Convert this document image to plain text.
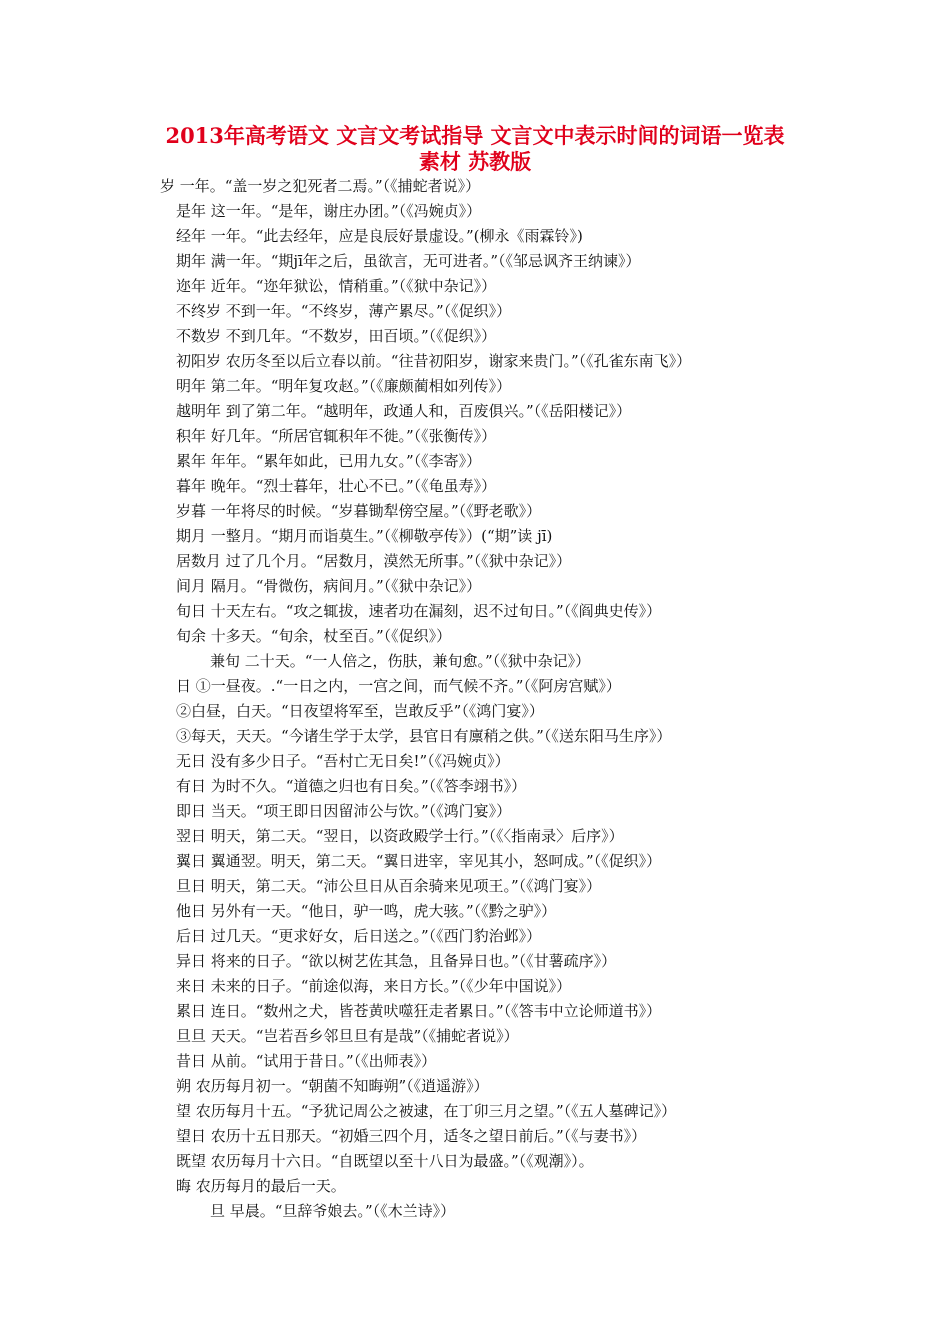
2013年高考语文 文言文考试指导 文言文中表示时间的词语一览表
素材 苏教版
岁 一年。“盖一岁之犯死者二焉。”（《捕蛇者说》）
是年 这一年。“是年，谢庄办团。”（《冯婉贞》）
经年 一年。“此去经年，应是良辰好景虚设。”(柳永《雨霖铃》)
期年 满一年。“期jī年之后，虽欲言，无可进者。”（《邹忌讽齐王纳谏》）
迩年 近年。“迩年狱讼，情稍重。”（《狱中杂记》）
不终岁 不到一年。“不终岁，薄产累尽。”（《促织》）
不数岁 不到几年。“不数岁，田百顷。”（《促织》）
初阳岁 农历冬至以后立春以前。“往昔初阳岁，谢家来贵门。”（《孔雀东南飞》）
明年 第二年。“明年复攻赵。”（《廉颇蔺相如列传》）
越明年 到了第二年。“越明年，政通人和，百废俱兴。”（《岳阳楼记》）
积年 好几年。“所居官辄积年不徙。”（《张衡传》）
累年 年年。“累年如此，已用九女。”（《李寄》）
暮年 晚年。“烈士暮年，壮心不已。”（《龟虽寿》）
岁暮 一年将尽的时候。“岁暮锄犁傍空屋。”（《野老歌》）
期月 一整月。“期月而诣莫生。”（《柳敬亭传》）(“期”读 jī)
居数月 过了几个月。“居数月，漠然无所事。”（《狱中杂记》）
间月 隔月。“骨微伤，病间月。”（《狱中杂记》）
旬日 十天左右。“攻之辄拔，速者功在漏刻，迟不过旬日。”（《阎典史传》）
旬余 十多天。“旬余，杖至百。”（《促织》）
兼旬 二十天。“一人倍之，伤肤，兼旬愈。”（《狱中杂记》）
日 ①一昼夜。.“一日之内，一宫之间，而气候不齐。”（《阿房宫赋》）
②白昼，白天。“日夜望将军至，岂敢反乎”（《鸿门宴》）
③每天，天天。“今诸生学于太学，县官日有廪稍之供。”（《送东阳马生序》）
无日 没有多少日子。“吾村亡无日矣!”（《冯婉贞》）
有日 为时不久。“道德之归也有日矣。”（《答李翊书》）
即日 当天。“项王即日因留沛公与饮。”（《鸿门宴》）
翌日 明天，第二天。“翌日，以资政殿学士行。”（《〈指南录〉后序》）
翼日 翼通翌。明天，第二天。“翼日进宰，宰见其小，怒呵成。”（《促织》）
旦日 明天，第二天。“沛公旦日从百余骑来见项王。”（《鸿门宴》）
他日 另外有一天。“他日，驴一鸣，虎大骇。”（《黔之驴》）
后日 过几天。“更求好女，后日送之。”（《西门豹治邺》）
异日 将来的日子。“欲以树艺佐其急，且备异日也。”（《甘薯疏序》）
来日 未来的日子。“前途似海，来日方长。”（《少年中国说》）
累日 连日。“数州之犬，皆苍黄吠噬狂走者累日。”（《答韦中立论师道书》）
旦旦 天天。“岂若吾乡邻旦旦有是哉”（《捕蛇者说》）
昔日 从前。“试用于昔日。”（《出师表》）
朔 农历每月初一。“朝菌不知晦朔”（《逍遥游》）
望 农历每月十五。“予犹记周公之被逮，在丁卯三月之望。”（《五人墓碑记》）
望日 农历十五日那天。“初婚三四个月，适冬之望日前后。”（《与妻书》）
既望 农历每月十六日。“自既望以至十八日为最盛。”（《观潮》）。
晦 农历每月的最后一天。
旦 早晨。“旦辞爷娘去。”（《木兰诗》）
